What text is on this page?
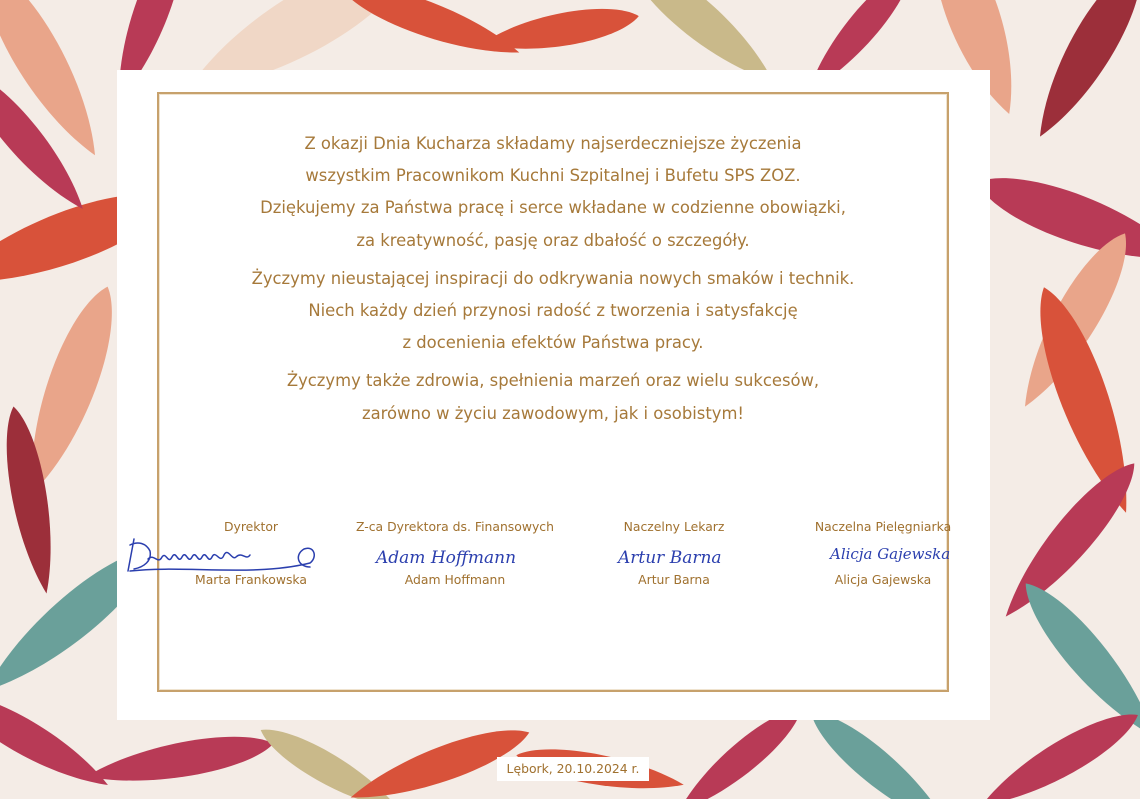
Z okazji Dnia Kucharza składamy najserdeczniejsze życzenia
wszystkim Pracownikom Kuchni Szpitalnej i Bufetu SPS ZOZ.
Dziękujemy za Państwa pracę i serce wkładane w codzienne obowiązki,
za kreatywność, pasję oraz dbałość o szczegóły.

Życzymy nieustającej inspiracji do odkrywania nowych smaków i technik.
Niech każdy dzień przynosi radość z tworzenia i satysfakcję
z docenienia efektów Państwa pracy.

Życzymy także zdrowia, spełnienia marzeń oraz wielu sukcesów,
zarówno w życiu zawodowym, jak i osobistym!

Dyrektor
Marta Frankowska
Z-ca Dyrektora ds. Finansowych
Adam Hoffmann
Adam Hoffmann
Naczelny Lekarz
Artur Barna
Artur Barna
Naczelna Pielęgniarka
Alicja Gajewska
Alicja Gajewska
Lębork, 20.10.2024 r.
